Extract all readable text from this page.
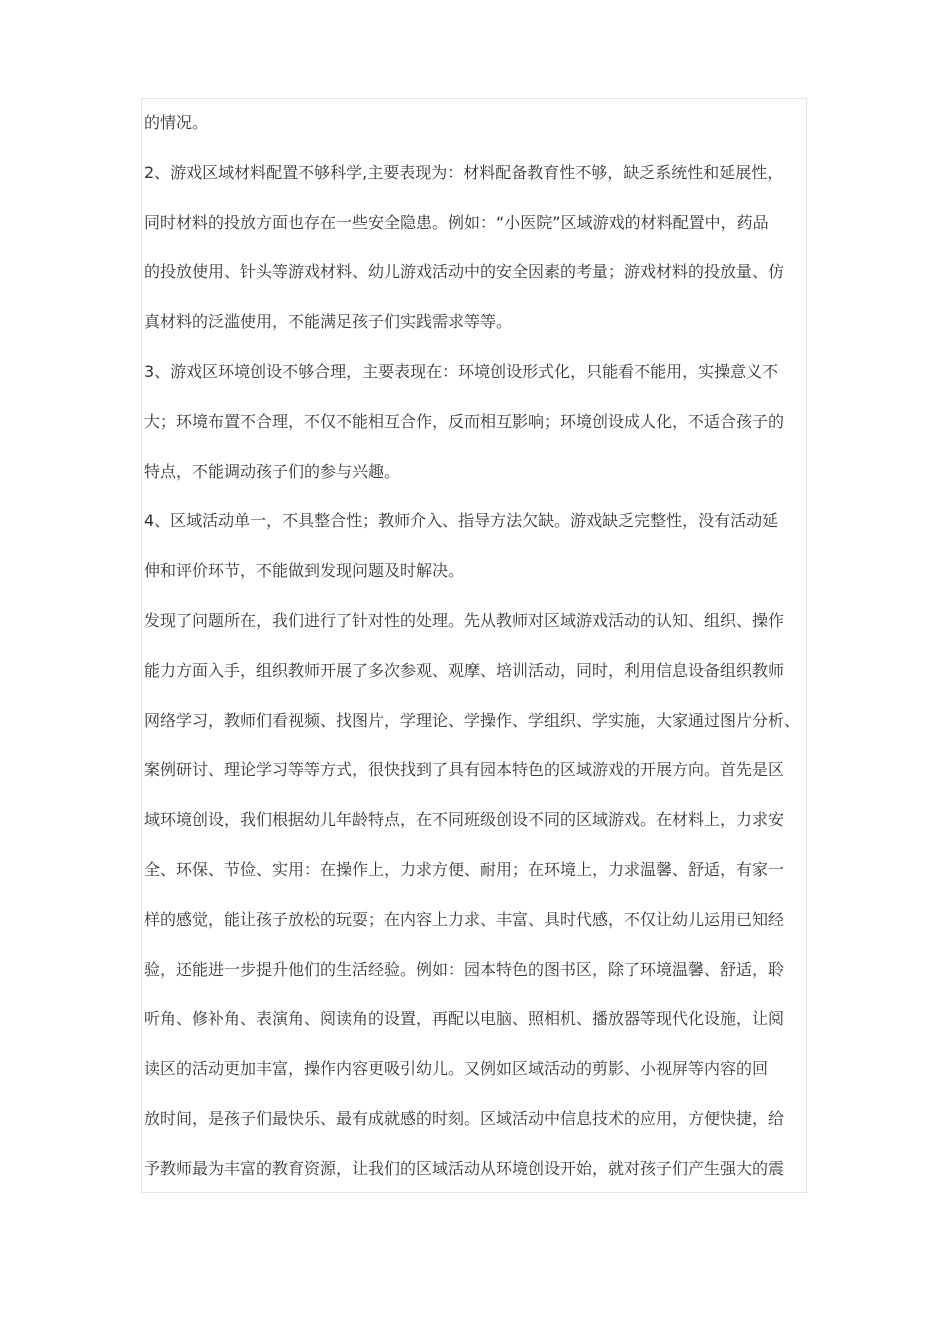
的情况。
2、游戏区域材料配置不够科学,主要表现为：材料配备教育性不够，缺乏系统性和延展性，
同时材料的投放方面也存在一些安全隐患。例如：“小医院”区域游戏的材料配置中，药品
的投放使用、针头等游戏材料、幼儿游戏活动中的安全因素的考量；游戏材料的投放量、仿
真材料的泛滥使用，不能满足孩子们实践需求等等。
3、游戏区环境创设不够合理，主要表现在：环境创设形式化，只能看不能用，实操意义不
大；环境布置不合理，不仅不能相互合作，反而相互影响；环境创设成人化，不适合孩子的
特点，不能调动孩子们的参与兴趣。
4、区域活动单一，不具整合性；教师介入、指导方法欠缺。游戏缺乏完整性，没有活动延
伸和评价环节，不能做到发现问题及时解决。
发现了问题所在，我们进行了针对性的处理。先从教师对区域游戏活动的认知、组织、操作
能力方面入手，组织教师开展了多次参观、观摩、培训活动，同时，利用信息设备组织教师
网络学习，教师们看视频、找图片，学理论、学操作、学组织、学实施，大家通过图片分析、
案例研讨、理论学习等等方式，很快找到了具有园本特色的区域游戏的开展方向。首先是区
域环境创设，我们根据幼儿年龄特点，在不同班级创设不同的区域游戏。在材料上，力求安
全、环保、节俭、实用：在操作上，力求方便、耐用；在环境上，力求温馨、舒适，有家一
样的感觉，能让孩子放松的玩耍；在内容上力求、丰富、具时代感，不仅让幼儿运用已知经
验，还能进一步提升他们的生活经验。例如：园本特色的图书区，除了环境温馨、舒适，聆
听角、修补角、表演角、阅读角的设置，再配以电脑、照相机、播放器等现代化设施，让阅
读区的活动更加丰富，操作内容更吸引幼儿。又例如区域活动的剪影、小视屏等内容的回
放时间，是孩子们最快乐、最有成就感的时刻。区域活动中信息技术的应用，方便快捷，给
予教师最为丰富的教育资源，让我们的区域活动从环境创设开始，就对孩子们产生强大的震
